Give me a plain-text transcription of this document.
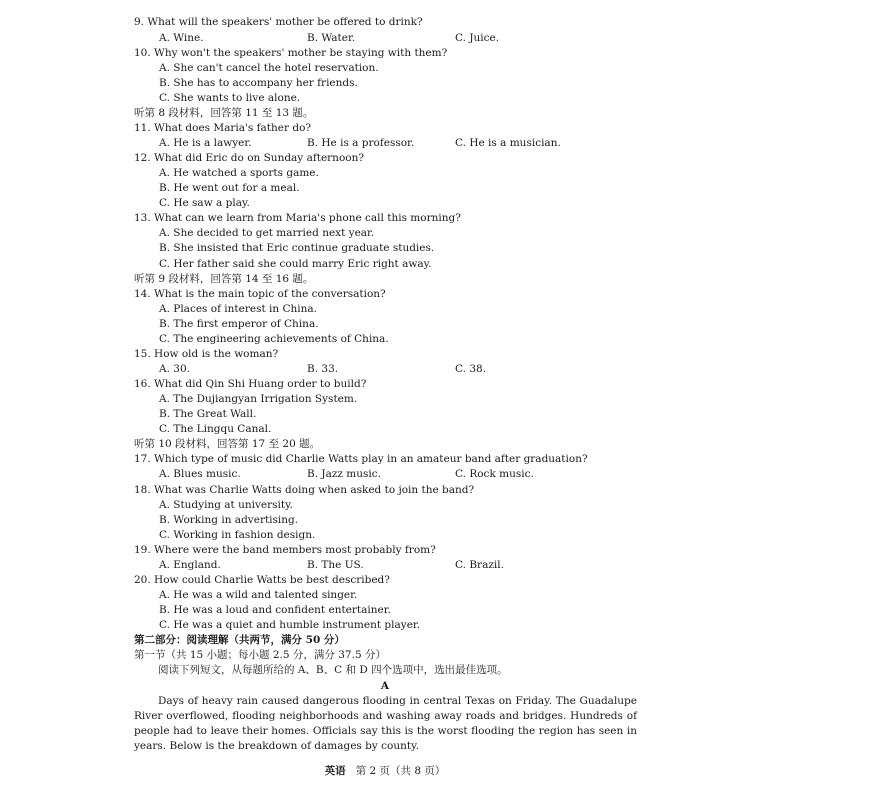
9. What will the speakers' mother be offered to drink?
A. Wine.	B. Water.	C. Juice.
10. Why won't the speakers' mother be staying with them?
A. She can't cancel the hotel reservation.
B. She has to accompany her friends.
C. She wants to live alone.
听第 8 段材料，回答第 11 至 13 题。
11. What does Maria's father do?
A. He is a lawyer.	B. He is a professor.	C. He is a musician.
12. What did Eric do on Sunday afternoon?
A. He watched a sports game.
B. He went out for a meal.
C. He saw a play.
13. What can we learn from Maria's phone call this morning?
A. She decided to get married next year.
B. She insisted that Eric continue graduate studies.
C. Her father said she could marry Eric right away.
听第 9 段材料，回答第 14 至 16 题。
14. What is the main topic of the conversation?
A. Places of interest in China.
B. The first emperor of China.
C. The engineering achievements of China.
15. How old is the woman?
A. 30.	B. 33.	C. 38.
16. What did Qin Shi Huang order to build?
A. The Dujiangyan Irrigation System.
B. The Great Wall.
C. The Lingqu Canal.
听第 10 段材料，回答第 17 至 20 题。
17. Which type of music did Charlie Watts play in an amateur band after graduation?
A. Blues music.	B. Jazz music.	C. Rock music.
18. What was Charlie Watts doing when asked to join the band?
A. Studying at university.
B. Working in advertising.
C. Working in fashion design.
19. Where were the band members most probably from?
A. England.	B. The US.	C. Brazil.
20. How could Charlie Watts be best described?
A. He was a wild and talented singer.
B. He was a loud and confident entertainer.
C. He was a quiet and humble instrument player.
第二部分：阅读理解（共两节，满分 50 分）
第一节（共 15 小题；每小题 2.5 分，满分 37.5 分）
阅读下列短文，从每题所给的 A、B、C 和 D 四个选项中，选出最佳选项。
A
Days of heavy rain caused dangerous flooding in central Texas on Friday. The Guadalupe River overflowed, flooding neighborhoods and washing away roads and bridges. Hundreds of people had to leave their homes. Officials say this is the worst flooding the region has seen in years. Below is the breakdown of damages by county.
英语 第 2 页（共 8 页）
